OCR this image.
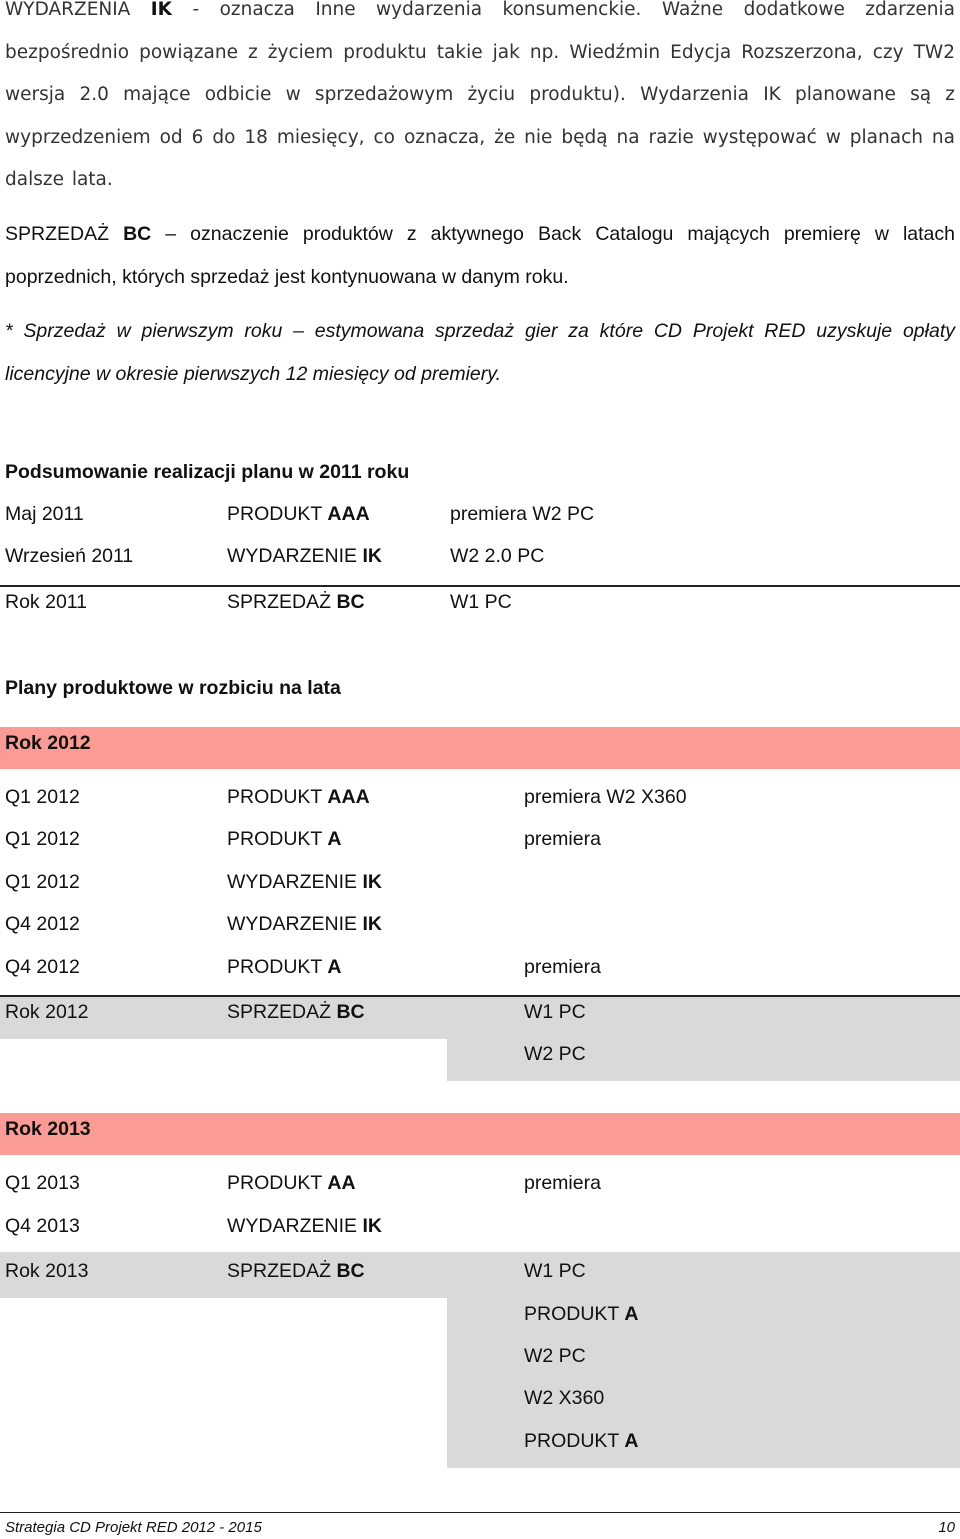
WYDARZENIA IK - oznacza Inne wydarzenia konsumenckie. Ważne dodatkowe zdarzenia bezpośrednio powiązane z życiem produktu takie jak np. Wiedźmin Edycja Rozszerzona, czy TW2 wersja 2.0 mające odbicie w sprzedażowym życiu produktu). Wydarzenia IK planowane są z wyprzedzeniem od 6 do 18 miesięcy, co oznacza, że nie będą na razie występować w planach na dalsze lata.
SPRZEDAŻ BC – oznaczenie produktów z aktywnego Back Catalogu mających premierę w latach poprzednich, których sprzedaż jest kontynuowana w danym roku.
* Sprzedaż w pierwszym roku – estymowana sprzedaż gier za które CD Projekt RED uzyskuje opłaty licencyjne w okresie pierwszych 12 miesięcy od premiery.
Podsumowanie realizacji planu w 2011 roku
Maj 2011	PRODUKT AAA	premiera W2 PC
Wrzesień 2011	WYDARZENIE IK	W2 2.0 PC
Rok 2011	SPRZEDAŻ BC	W1 PC
Plany produktowe w rozbiciu na lata
Rok 2012
Q1 2012	PRODUKT AAA	premiera W2 X360
Q1 2012	PRODUKT A	premiera
Q1 2012	WYDARZENIE IK
Q4 2012	WYDARZENIE IK
Q4 2012	PRODUKT A	premiera
Rok 2012	SPRZEDAŻ BC	W1 PC
W2 PC
Rok 2013
Q1 2013	PRODUKT AA	premiera
Q4 2013	WYDARZENIE IK
Rok 2013	SPRZEDAŻ BC	W1 PC
PRODUKT A
W2 PC
W2 X360
PRODUKT A
Strategia CD Projekt RED 2012 - 2015	10
